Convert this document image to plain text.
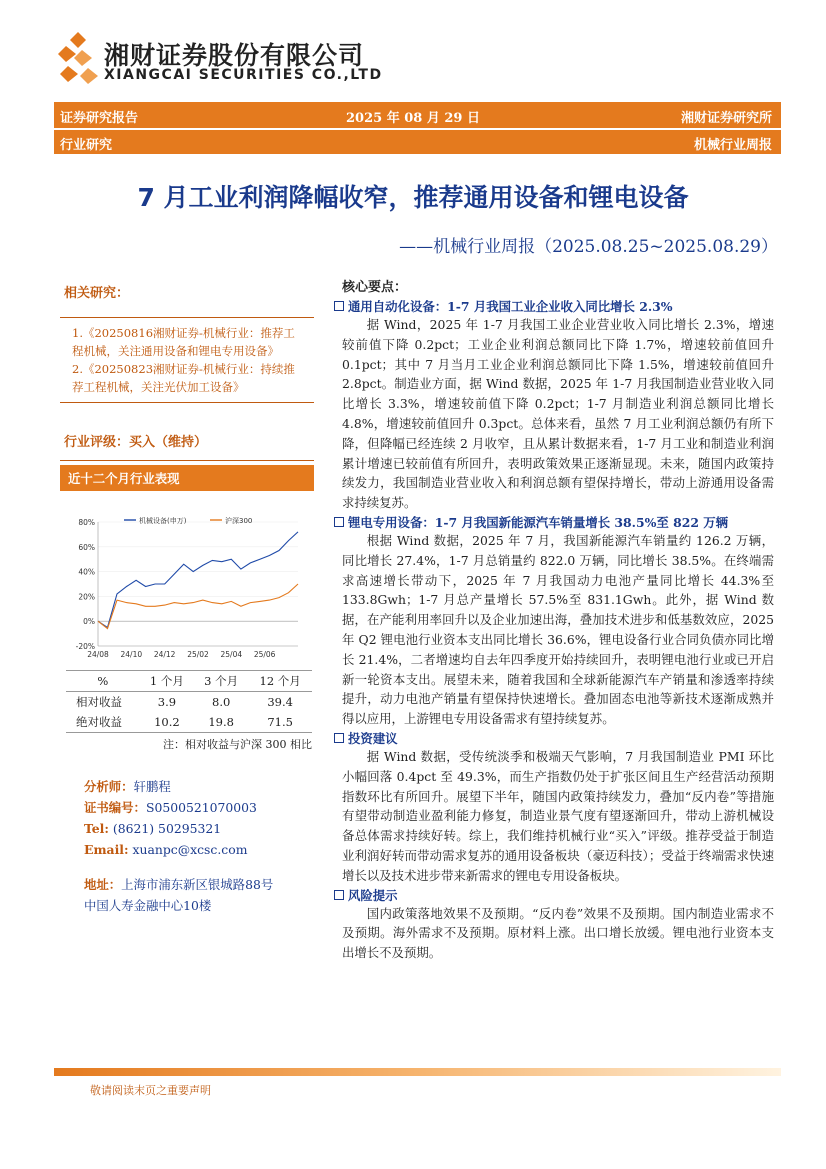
湘财证券股份有限公司
XIANGCAI SECURITIES CO.,LTD
证券研究报告	2025 年 08 月 29 日	湘财证券研究所
行业研究	机械行业周报
7 月工业利润降幅收窄，推荐通用设备和锂电设备
——机械行业周报（2025.08.25~2025.08.29）
相关研究：
1.《20250816湘财证券-机械行业：推荐工程机械，关注通用设备和锂电专用设备》
2.《20250823湘财证券-机械行业：持续推荐工程机械，关注光伏加工设备》
行业评级：买入（维持）
近十二个月行业表现
80%
60%
40%
20%
0%
-20%
24/08 24/10 24/12 25/02 25/04 25/06
机械设备(申万)	沪深300
%	1 个月	3 个月	12 个月
相对收益	3.9	8.0	39.4
绝对收益	10.2	19.8	71.5
注：相对收益与沪深 300 相比
分析师：轩鹏程
证书编号：S0500521070003
Tel: (8621) 50295321
Email: xuanpc@xcsc.com
地址：上海市浦东新区银城路88号
中国人寿金融中心10楼
核心要点：
通用自动化设备：1-7 月我国工业企业收入同比增长 2.3%
据 Wind，2025 年 1-7 月我国工业企业营业收入同比增长 2.3%，增速较前值下降 0.2pct；工业企业利润总额同比下降 1.7%，增速较前值回升 0.1pct；其中 7 月当月工业企业利润总额同比下降 1.5%，增速较前值回升 2.8pct。制造业方面，据 Wind 数据，2025 年 1-7 月我国制造业营业收入同比增长 3.3%，增速较前值下降 0.2pct；1-7 月制造业利润总额同比增长 4.8%，增速较前值回升 0.3pct。总体来看，虽然 7 月工业利润总额仍有所下降，但降幅已经连续 2 月收窄，且从累计数据来看，1-7 月工业和制造业利润累计增速已较前值有所回升，表明政策效果正逐渐显现。未来，随国内政策持续发力，我国制造业营业收入和利润总额有望保持增长，带动上游通用设备需求持续复苏。
锂电专用设备：1-7 月我国新能源汽车销量增长 38.5%至 822 万辆
根据 Wind 数据，2025 年 7 月，我国新能源汽车销量约 126.2 万辆，同比增长 27.4%，1-7 月总销量约 822.0 万辆，同比增长 38.5%。在终端需求高速增长带动下，2025 年 7 月我国动力电池产量同比增长 44.3%至 133.8Gwh；1-7 月总产量增长 57.5%至 831.1Gwh。此外，据 Wind 数据，在产能利用率回升以及企业加速出海，叠加技术进步和低基数效应，2025 年 Q2 锂电池行业资本支出同比增长 36.6%，锂电设备行业合同负债亦同比增长 21.4%，二者增速均自去年四季度开始持续回升，表明锂电池行业或已开启新一轮资本支出。展望未来，随着我国和全球新能源汽车产销量和渗透率持续提升，动力电池产销量有望保持快速增长。叠加固态电池等新技术逐渐成熟并得以应用，上游锂电专用设备需求有望持续复苏。
投资建议
据 Wind 数据，受传统淡季和极端天气影响，7 月我国制造业 PMI 环比小幅回落 0.4pct 至 49.3%，而生产指数仍处于扩张区间且生产经营活动预期指数环比有所回升。展望下半年，随国内政策持续发力，叠加“反内卷”等措施有望带动制造业盈利能力修复，制造业景气度有望逐渐回升，带动上游机械设备总体需求持续好转。综上，我们维持机械行业“买入”评级。推荐受益于制造业利润好转而带动需求复苏的通用设备板块（豪迈科技）；受益于终端需求快速增长以及技术进步带来新需求的锂电专用设备板块。
风险提示
国内政策落地效果不及预期。“反内卷”效果不及预期。国内制造业需求不及预期。海外需求不及预期。原材料上涨。出口增长放缓。锂电池行业资本支出增长不及预期。
敬请阅读末页之重要声明
